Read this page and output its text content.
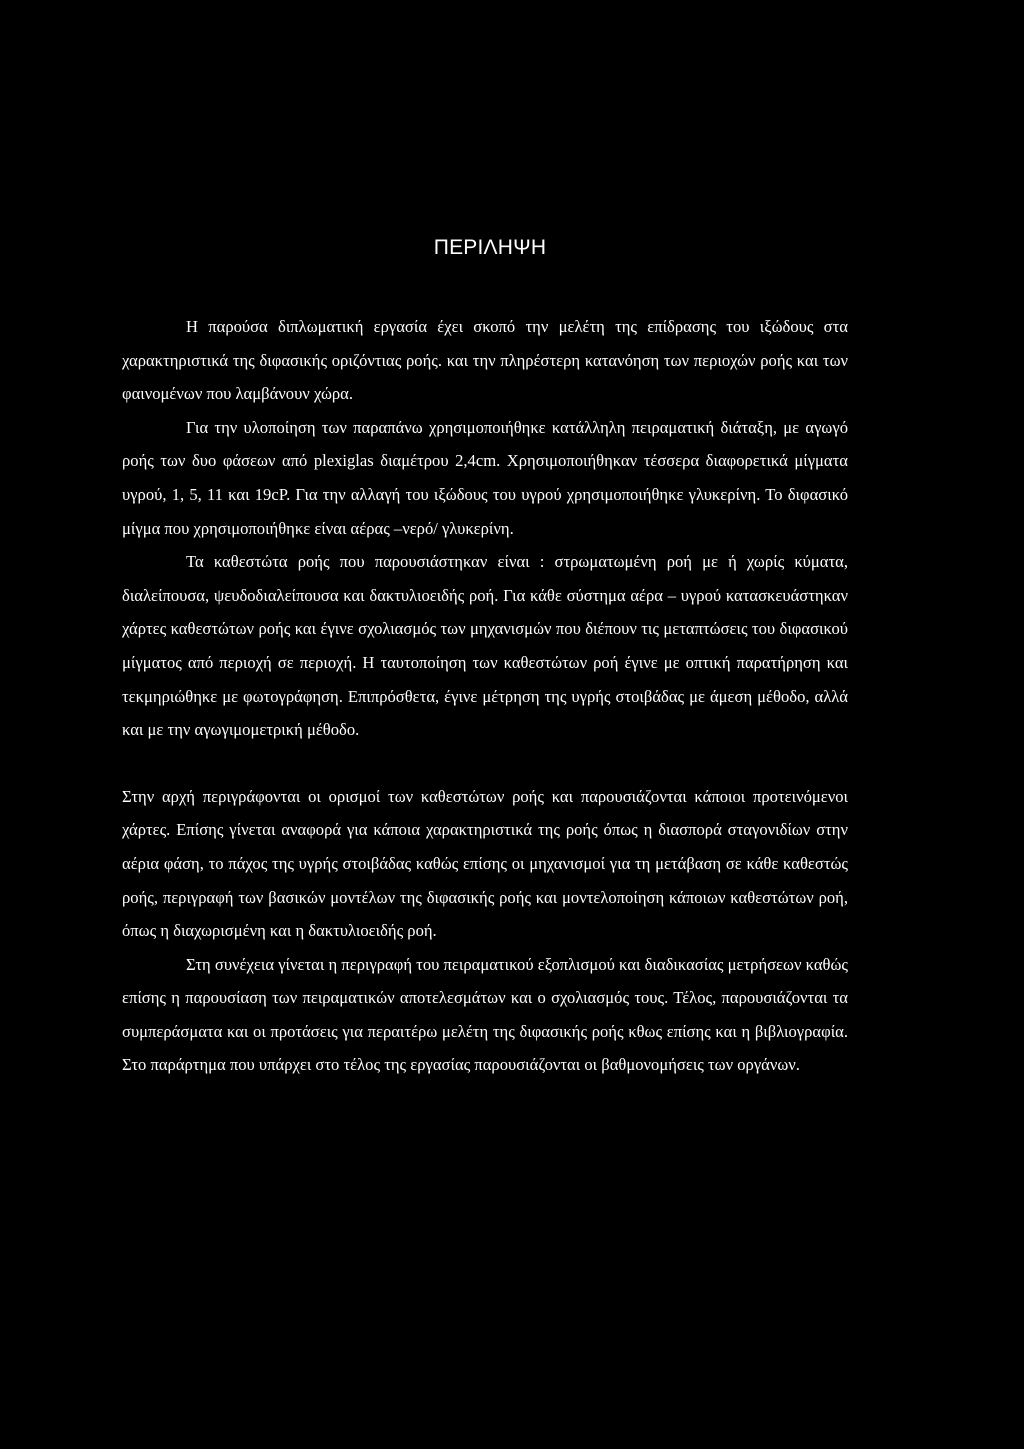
ΠΕΡΙΛΗΨΗ

Η παρούσα διπλωματική εργασία έχει σκοπό την μελέτη της επίδρασης του ιξώδους στα χαρακτηριστικά της διφασικής οριζόντιας ροής. και την πληρέστερη κατανόηση των περιοχών ροής και των φαινομένων που λαμβάνουν χώρα.

Για την υλοποίηση των παραπάνω χρησιμοποιήθηκε κατάλληλη πειραματική διάταξη, με αγωγό ροής των δυο φάσεων από plexiglas διαμέτρου 2,4cm. Χρησιμοποιήθηκαν τέσσερα διαφορετικά μίγματα υγρού, 1, 5, 11 και 19cP. Για την αλλαγή του ιξώδους του υγρού χρησιμοποιήθηκε γλυκερίνη. Το διφασικό μίγμα που χρησιμοποιήθηκε είναι αέρας –νερό/ γλυκερίνη.

Τα καθεστώτα ροής που παρουσιάστηκαν είναι : στρωματωμένη ροή με ή χωρίς κύματα, διαλείπουσα, ψευδοδιαλείπουσα και δακτυλιοειδής ροή. Για κάθε σύστημα αέρα – υγρού κατασκευάστηκαν χάρτες καθεστώτων ροής και έγινε σχολιασμός των μηχανισμών που διέπουν τις μεταπτώσεις του διφασικού μίγματος από περιοχή σε περιοχή. Η ταυτοποίηση των καθεστώτων ροή έγινε με οπτική παρατήρηση και τεκμηριώθηκε με φωτογράφηση. Επιπρόσθετα, έγινε μέτρηση της υγρής στοιβάδας με άμεση μέθοδο, αλλά και με την αγωγιμομετρική μέθοδο.

Στην αρχή περιγράφονται οι ορισμοί των καθεστώτων ροής και παρουσιάζονται κάποιοι προτεινόμενοι χάρτες. Επίσης γίνεται αναφορά για κάποια χαρακτηριστικά της ροής όπως η διασπορά σταγονιδίων στην αέρια φάση, το πάχος της υγρής στοιβάδας καθώς επίσης οι μηχανισμοί για τη μετάβαση σε κάθε καθεστώς ροής, περιγραφή των βασικών μοντέλων της διφασικής ροής και μοντελοποίηση κάποιων καθεστώτων ροή, όπως η διαχωρισμένη και η δακτυλιοειδής ροή.

Στη συνέχεια γίνεται η περιγραφή του πειραματικού εξοπλισμού και διαδικασίας μετρήσεων καθώς επίσης η παρουσίαση των πειραματικών αποτελεσμάτων και ο σχολιασμός τους. Τέλος, παρουσιάζονται τα συμπεράσματα και οι προτάσεις για περαιτέρω μελέτη της διφασικής ροής κθως επίσης και η βιβλιογραφία. Στο παράρτημα που υπάρχει στο τέλος της εργασίας παρουσιάζονται οι βαθμονομήσεις των οργάνων.
